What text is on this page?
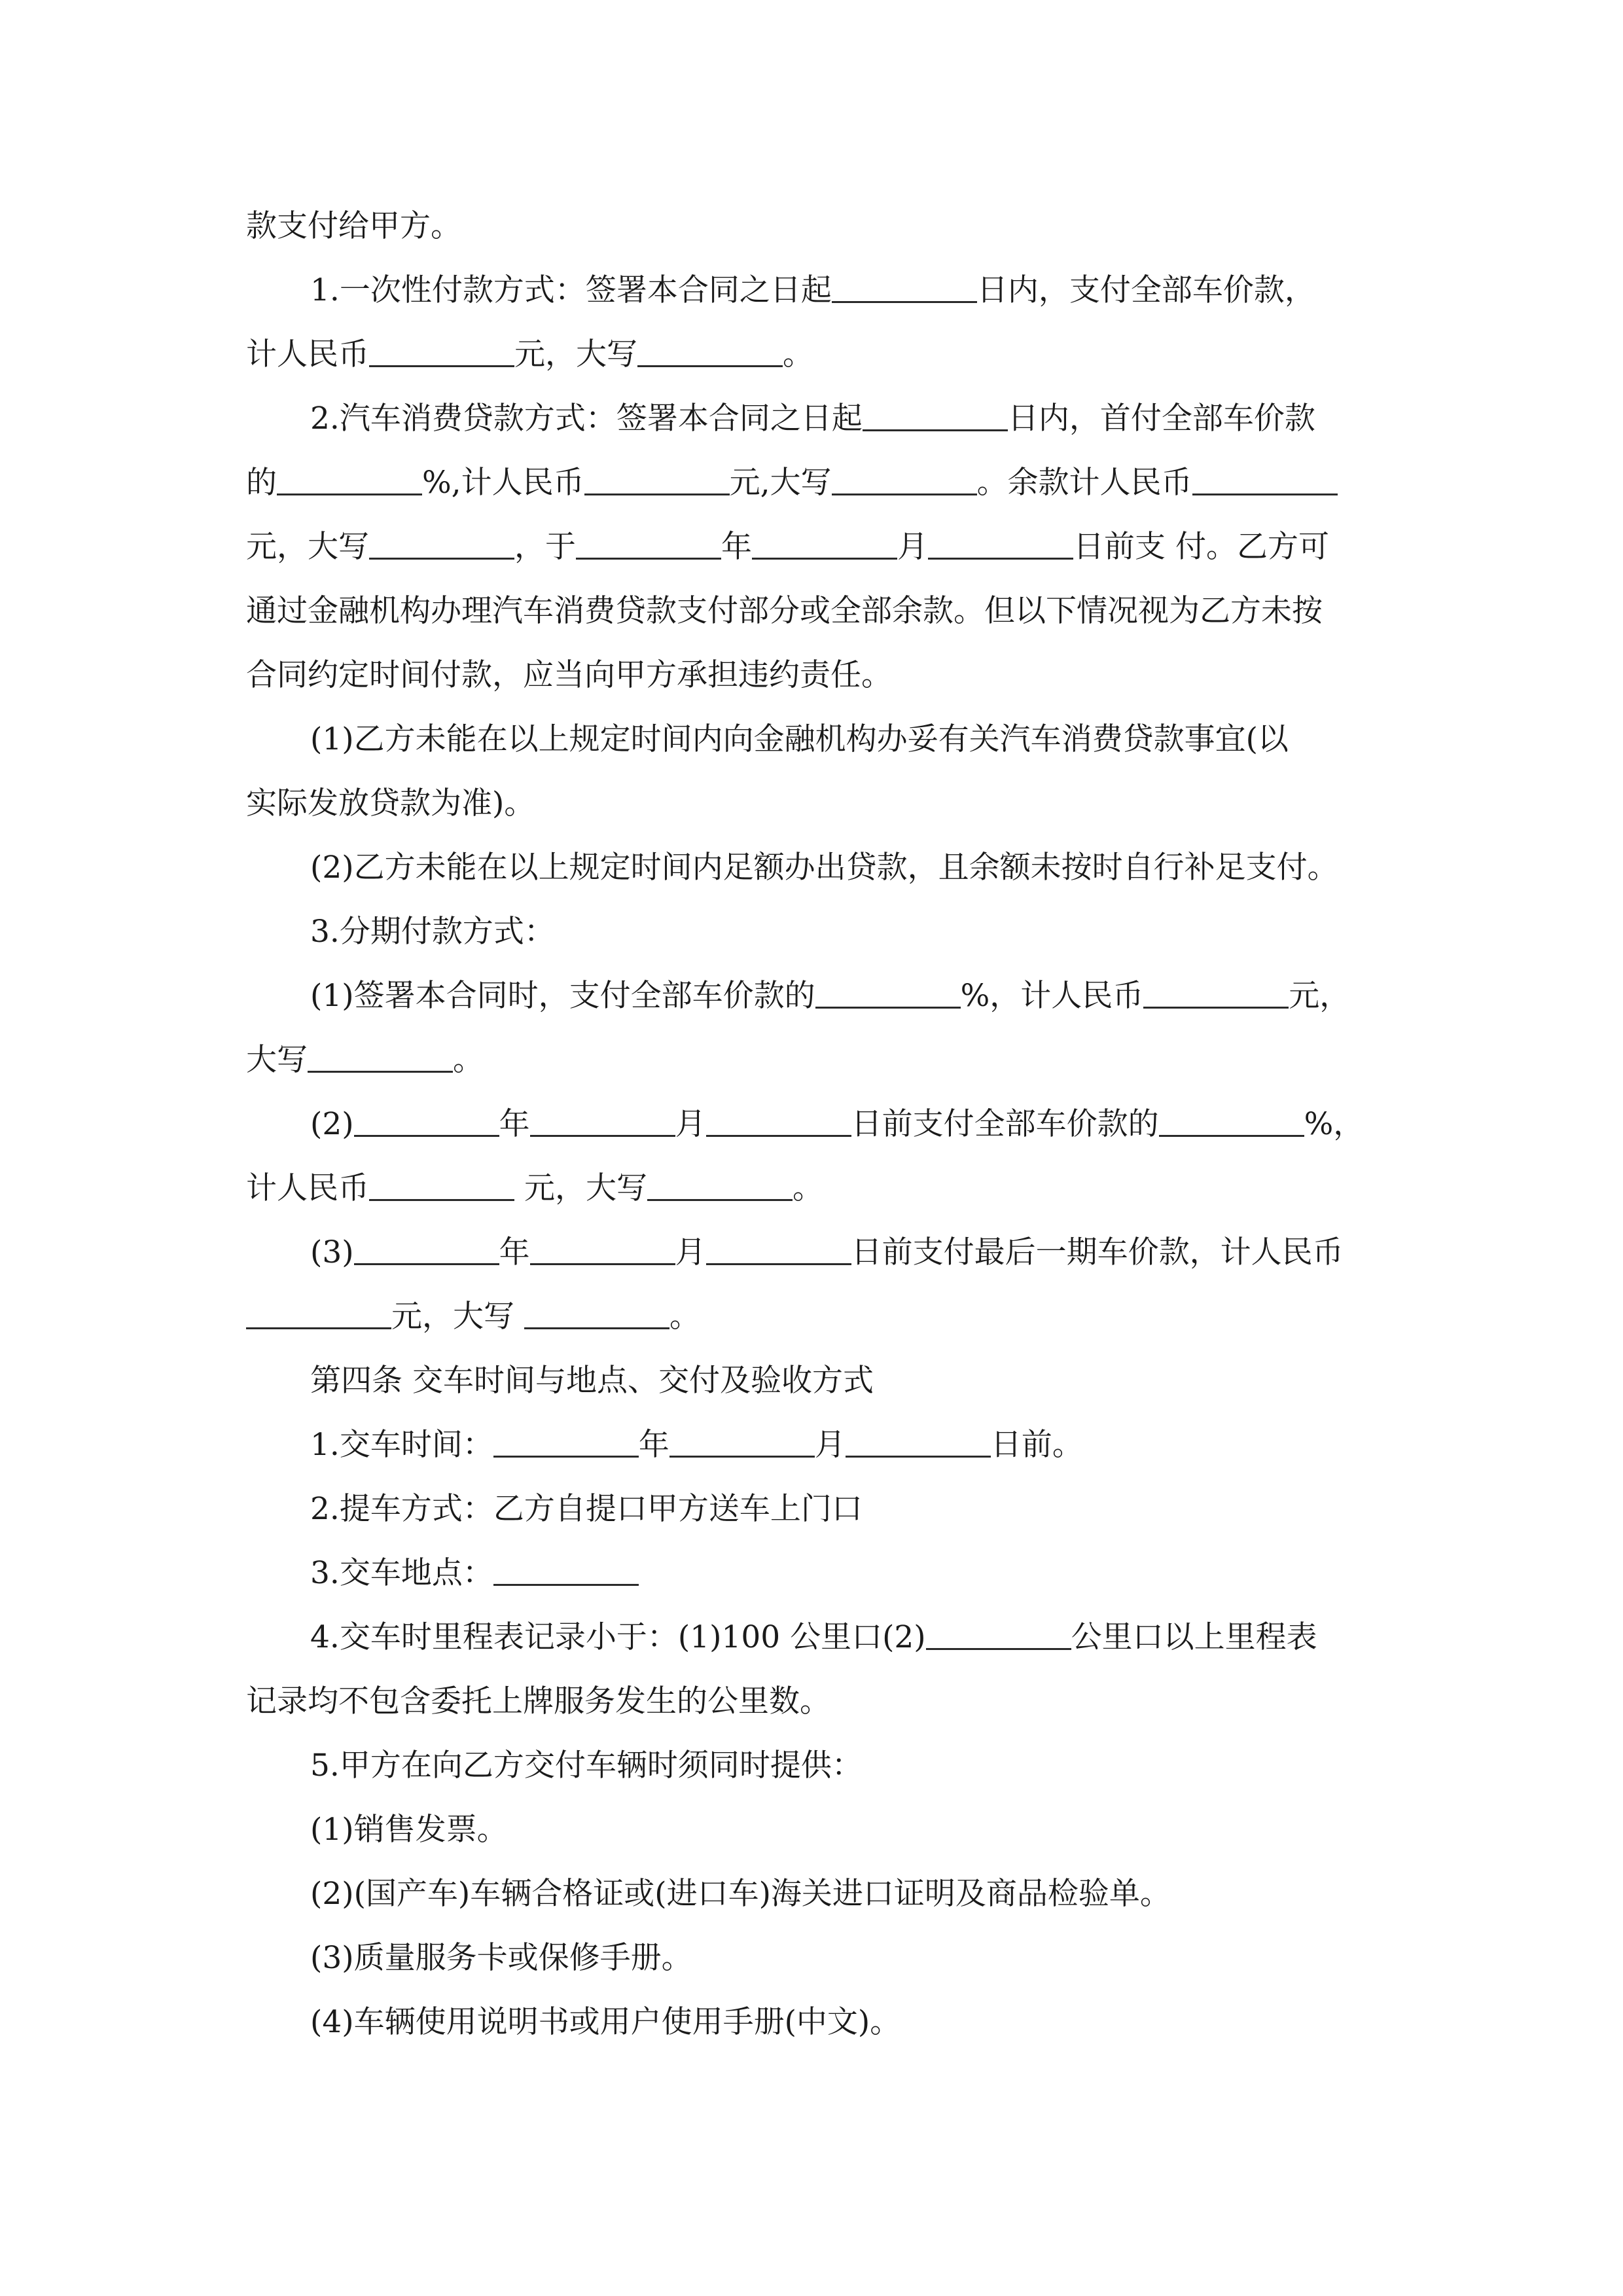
款支付给甲方。
1.一次性付款方式：签署本合同之日起	日内，支付全部车价款，
计人民币	元，大写	。
2.汽车消费贷款方式：签署本合同之日起	日内，首付全部车价款
的	%,计人民币	元,大写	。余款计人民币
元，大写	，于	年	月	日前支 付。乙方可
通过金融机构办理汽车消费贷款支付部分或全部余款。但以下情况视为乙方未按
合同约定时间付款，应当向甲方承担违约责任。
(1)乙方未能在以上规定时间内向金融机构办妥有关汽车消费贷款事宜(以
实际发放贷款为准)。
(2)乙方未能在以上规定时间内足额办出贷款，且余额未按时自行补足支付。
3.分期付款方式：
(1)签署本合同时，支付全部车价款的	%，计人民币	元，
大写	。
(2)	年	月	日前支付全部车价款的	%，
计人民币	元，大写	。
(3)	年	月	日前支付最后一期车价款，计人民币
元，大写	。
第四条 交车时间与地点、交付及验收方式
1.交车时间：	年	月	日前。
2.提车方式：乙方自提口甲方送车上门口
3.交车地点：
4.交车时里程表记录小于：(1)100 公里口(2)	公里口以上里程表
记录均不包含委托上牌服务发生的公里数。
5.甲方在向乙方交付车辆时须同时提供：
(1)销售发票。
(2)(国产车)车辆合格证或(进口车)海关进口证明及商品检验单。
(3)质量服务卡或保修手册。
(4)车辆使用说明书或用户使用手册(中文)。
